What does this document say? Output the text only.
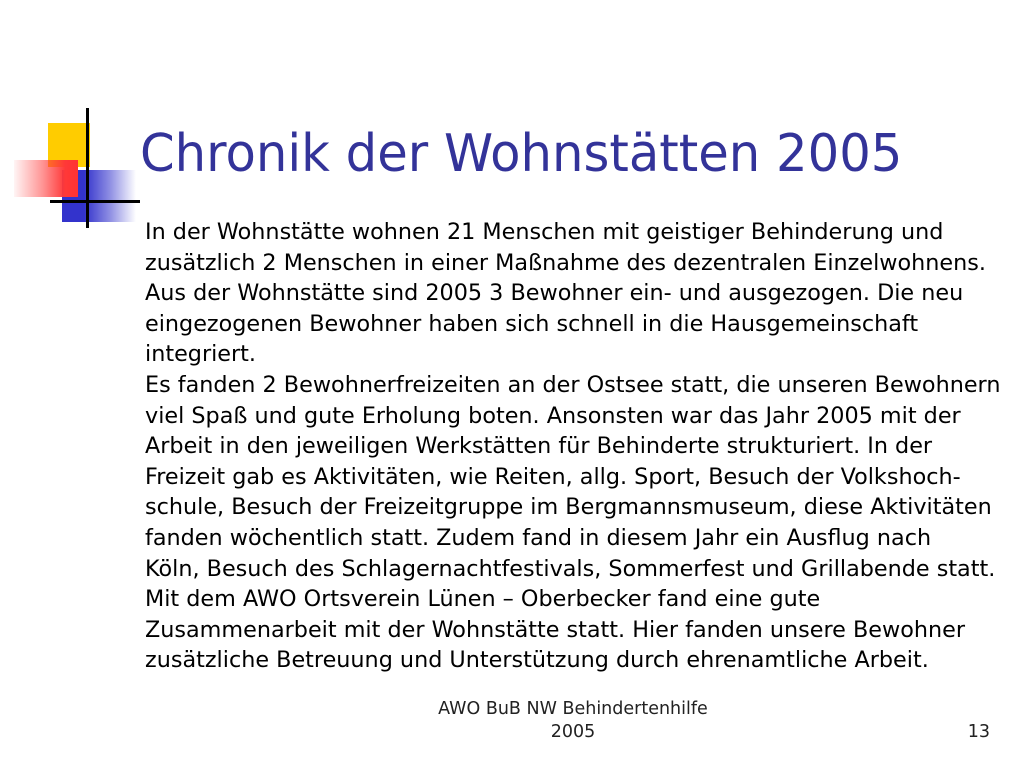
Chronik der Wohnstätten 2005
In der Wohnstätte wohnen 21 Menschen mit geistiger Behinderung und
zusätzlich 2 Menschen in einer Maßnahme des dezentralen Einzelwohnens.
Aus der Wohnstätte sind 2005 3 Bewohner ein- und ausgezogen. Die neu
eingezogenen Bewohner haben sich schnell in die Hausgemeinschaft
integriert.
Es fanden 2 Bewohnerfreizeiten an der Ostsee statt, die unseren Bewohnern
viel Spaß und gute Erholung boten. Ansonsten war das Jahr 2005 mit der
Arbeit in den jeweiligen Werkstätten für Behinderte strukturiert. In der
Freizeit gab es Aktivitäten, wie Reiten, allg. Sport, Besuch der Volkshoch-
schule, Besuch der Freizeitgruppe im Bergmannsmuseum, diese Aktivitäten
fanden wöchentlich statt. Zudem fand in diesem Jahr ein Ausflug nach
Köln, Besuch des Schlagernachtfestivals, Sommerfest und Grillabende statt.
Mit dem AWO Ortsverein Lünen – Oberbecker fand eine gute
Zusammenarbeit mit der Wohnstätte statt. Hier fanden unsere Bewohner
zusätzliche Betreuung und Unterstützung durch ehrenamtliche Arbeit.
AWO BuB NW Behindertenhilfe
2005	13
